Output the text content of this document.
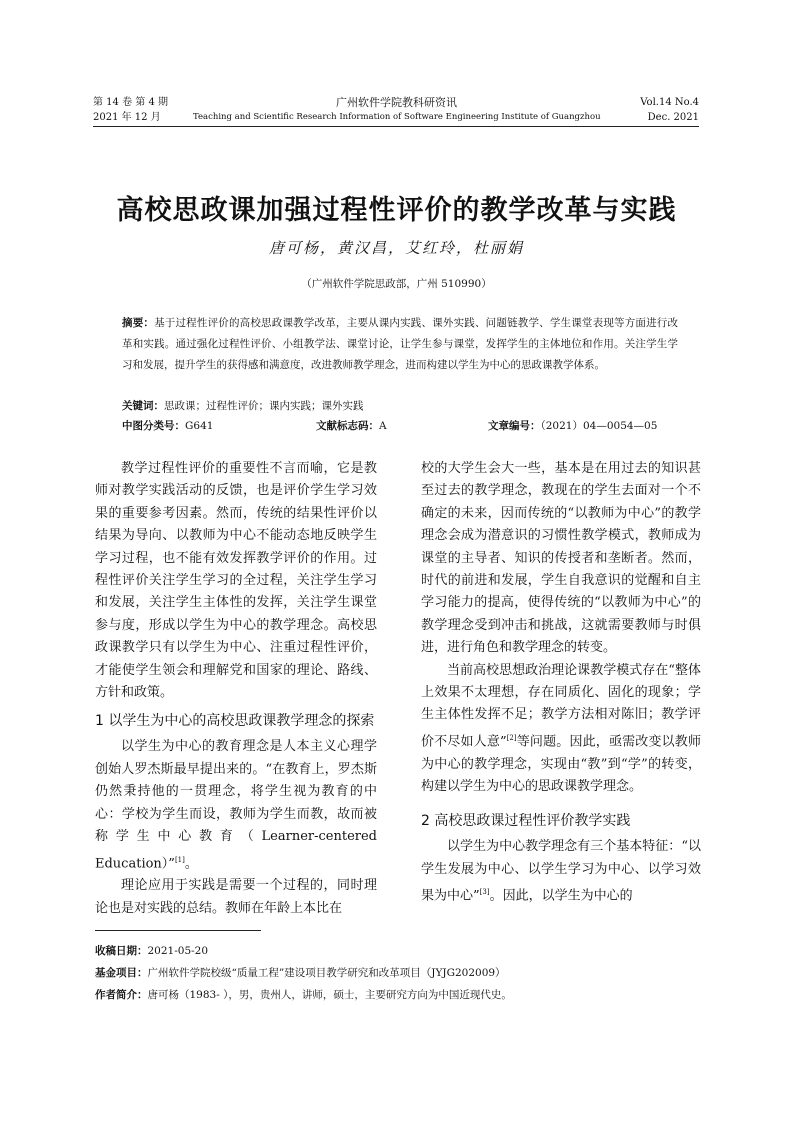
第 14 卷 第 4 期
2021 年 12 月
广州软件学院教科研资讯
Teaching and Scientific Research Information of Software Engineering Institute of Guangzhou
Vol.14 No.4
Dec. 2021
高校思政课加强过程性评价的教学改革与实践
唐可杨，黄汉昌，艾红玲，杜丽娟
（广州软件学院思政部，广州 510990）
摘要：基于过程性评价的高校思政课教学改革，主要从课内实践、课外实践、问题链教学、学生课堂表现等方面进行改革和实践。通过强化过程性评价、小组教学法、课堂讨论，让学生参与课堂，发挥学生的主体地位和作用。关注学生学习和发展，提升学生的获得感和满意度，改进教师教学理念，进而构建以学生为中心的思政课教学体系。
关键词：思政课；过程性评价；课内实践；课外实践
中图分类号：G641	文献标志码：A	文章编号：（2021）04—0054—05

教学过程性评价的重要性不言而喻，它是教师对教学实践活动的反馈，也是评价学生学习效果的重要参考因素。然而，传统的结果性评价以结果为导向、以教师为中心不能动态地反映学生学习过程，也不能有效发挥教学评价的作用。过程性评价关注学生学习的全过程，关注学生学习和发展，关注学生主体性的发挥，关注学生课堂参与度，形成以学生为中心的教学理念。高校思政课教学只有以学生为中心、注重过程性评价，才能使学生领会和理解党和国家的理论、路线、方针和政策。

1 以学生为中心的高校思政课教学理念的探索

以学生为中心的教育理念是人本主义心理学创始人罗杰斯最早提出来的。“在教育上，罗杰斯仍然秉持他的一贯理念，将学生视为教育的中心：学校为学生而设，教师为学生而教，故而被称学生中心教育（Learner-centered Education）”[1]。

理论应用于实践是需要一个过程的，同时理论也是对实践的总结。教师在年龄上本比在

校的大学生会大一些，基本是在用过去的知识甚至过去的教学理念，教现在的学生去面对一个不确定的未来，因而传统的“以教师为中心”的教学理念会成为潜意识的习惯性教学模式，教师成为课堂的主导者、知识的传授者和垄断者。然而，时代的前进和发展，学生自我意识的觉醒和自主学习能力的提高，使得传统的“以教师为中心”的教学理念受到冲击和挑战，这就需要教师与时俱进，进行角色和教学理念的转变。

当前高校思想政治理论课教学模式存在“整体上效果不太理想，存在同质化、固化的现象；学生主体性发挥不足；教学方法相对陈旧；教学评价不尽如人意”[2]等问题。因此，亟需改变以教师为中心的教学理念，实现由“教”到“学”的转变，构建以学生为中心的思政课教学理念。

2 高校思政课过程性评价教学实践

以学生为中心教学理念有三个基本特征：“以学生发展为中心、以学生学习为中心、以学习效果为中心”[3]。因此，以学生为中心的

收稿日期：2021-05-20
基金项目：广州软件学院校级“质量工程”建设项目教学研究和改革项目（JYJG202009）
作者简介：唐可杨（1983- ），男，贵州人，讲师，硕士，主要研究方向为中国近现代史。
